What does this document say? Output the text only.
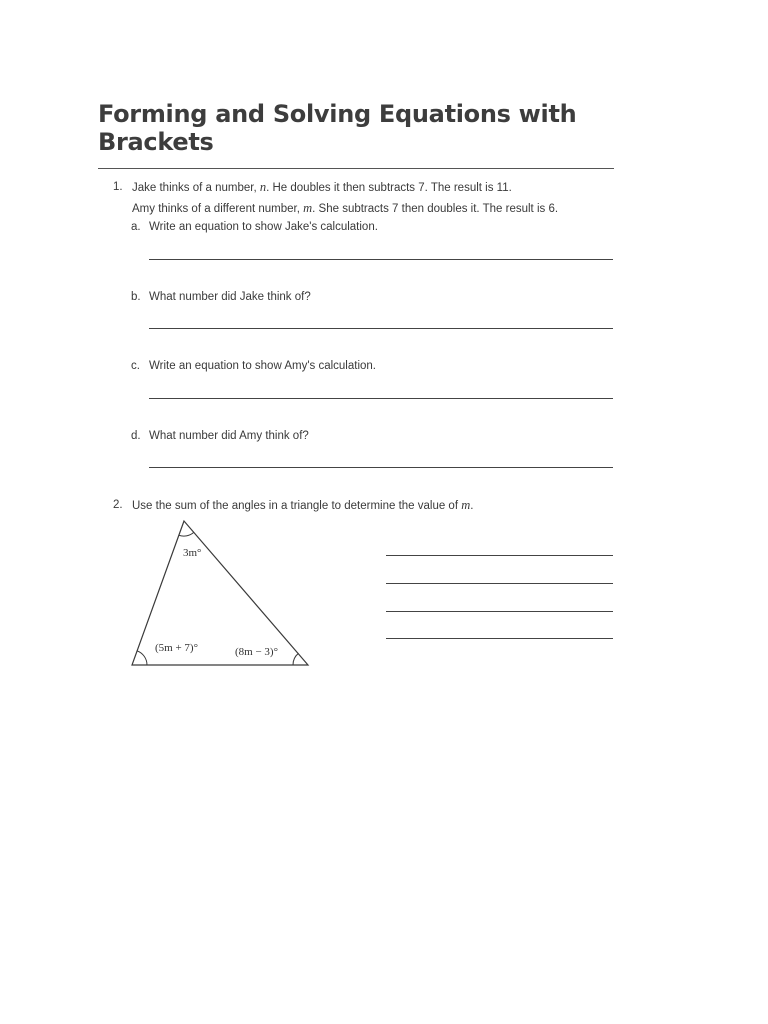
Forming and Solving Equations with Brackets
1. Jake thinks of a number, n. He doubles it then subtracts 7. The result is 11.
Amy thinks of a different number, m. She subtracts 7 then doubles it. The result is 6.
a. Write an equation to show Jake's calculation.
b. What number did Jake think of?
c. Write an equation to show Amy's calculation.
d. What number did Amy think of?
2. Use the sum of the angles in a triangle to determine the value of m.
3m°
(5m + 7)°	(8m − 3)°
